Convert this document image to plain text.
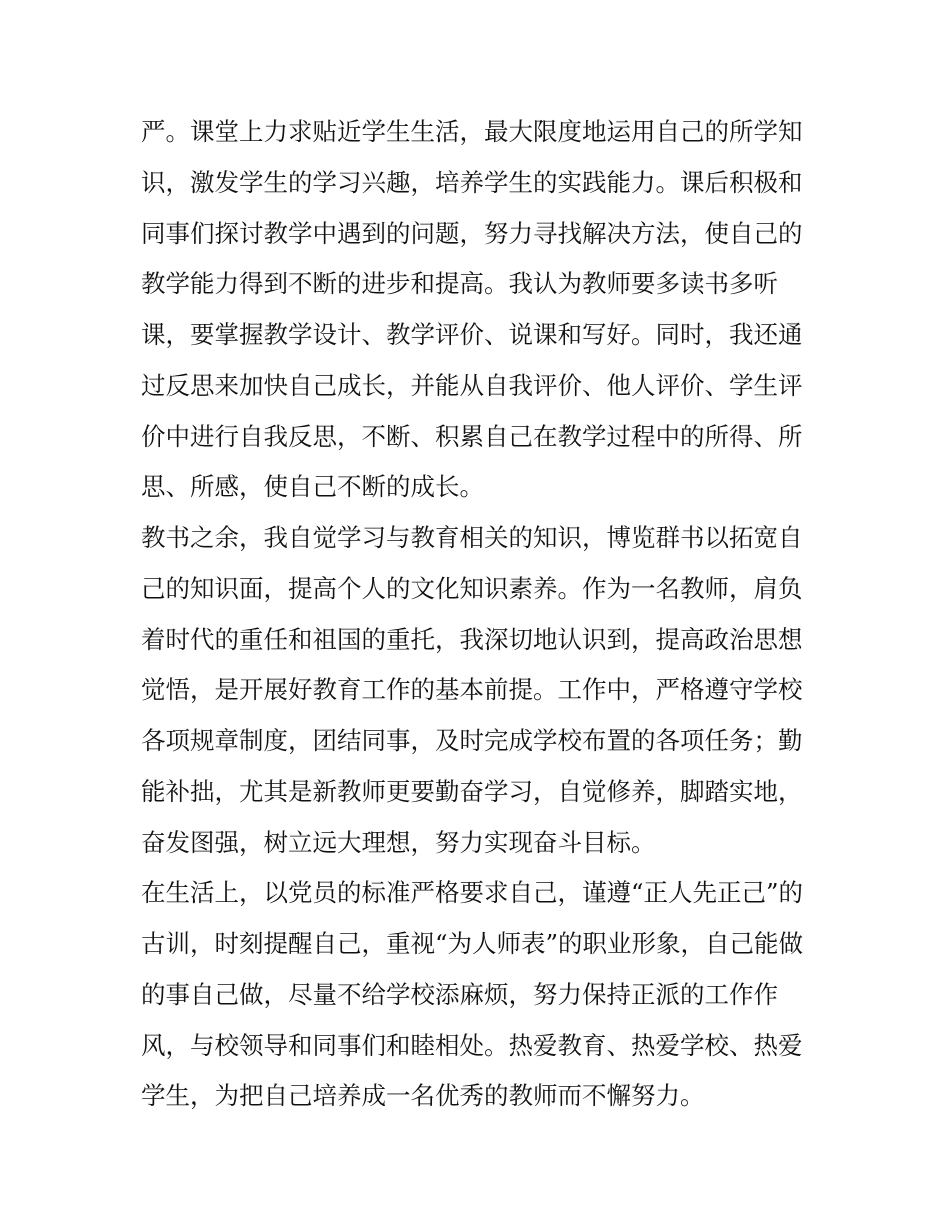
严。课堂上力求贴近学生生活，最大限度地运用自己的所学知
识，激发学生的学习兴趣，培养学生的实践能力。课后积极和
同事们探讨教学中遇到的问题，努力寻找解决方法，使自己的
教学能力得到不断的进步和提高。我认为教师要多读书多听
课，要掌握教学设计、教学评价、说课和写好。同时，我还通
过反思来加快自己成长，并能从自我评价、他人评价、学生评
价中进行自我反思，不断、积累自己在教学过程中的所得、所
思、所感，使自己不断的成长。
教书之余，我自觉学习与教育相关的知识，博览群书以拓宽自
己的知识面，提高个人的文化知识素养。作为一名教师，肩负
着时代的重任和祖国的重托，我深切地认识到，提高政治思想
觉悟，是开展好教育工作的基本前提。工作中，严格遵守学校
各项规章制度，团结同事，及时完成学校布置的各项任务；勤
能补拙，尤其是新教师更要勤奋学习，自觉修养，脚踏实地，
奋发图强，树立远大理想，努力实现奋斗目标。
在生活上，以党员的标准严格要求自己，谨遵“正人先正己”的
古训，时刻提醒自己，重视“为人师表”的职业形象，自己能做
的事自己做，尽量不给学校添麻烦，努力保持正派的工作作
风，与校领导和同事们和睦相处。热爱教育、热爱学校、热爱
学生，为把自己培养成一名优秀的教师而不懈努力。
